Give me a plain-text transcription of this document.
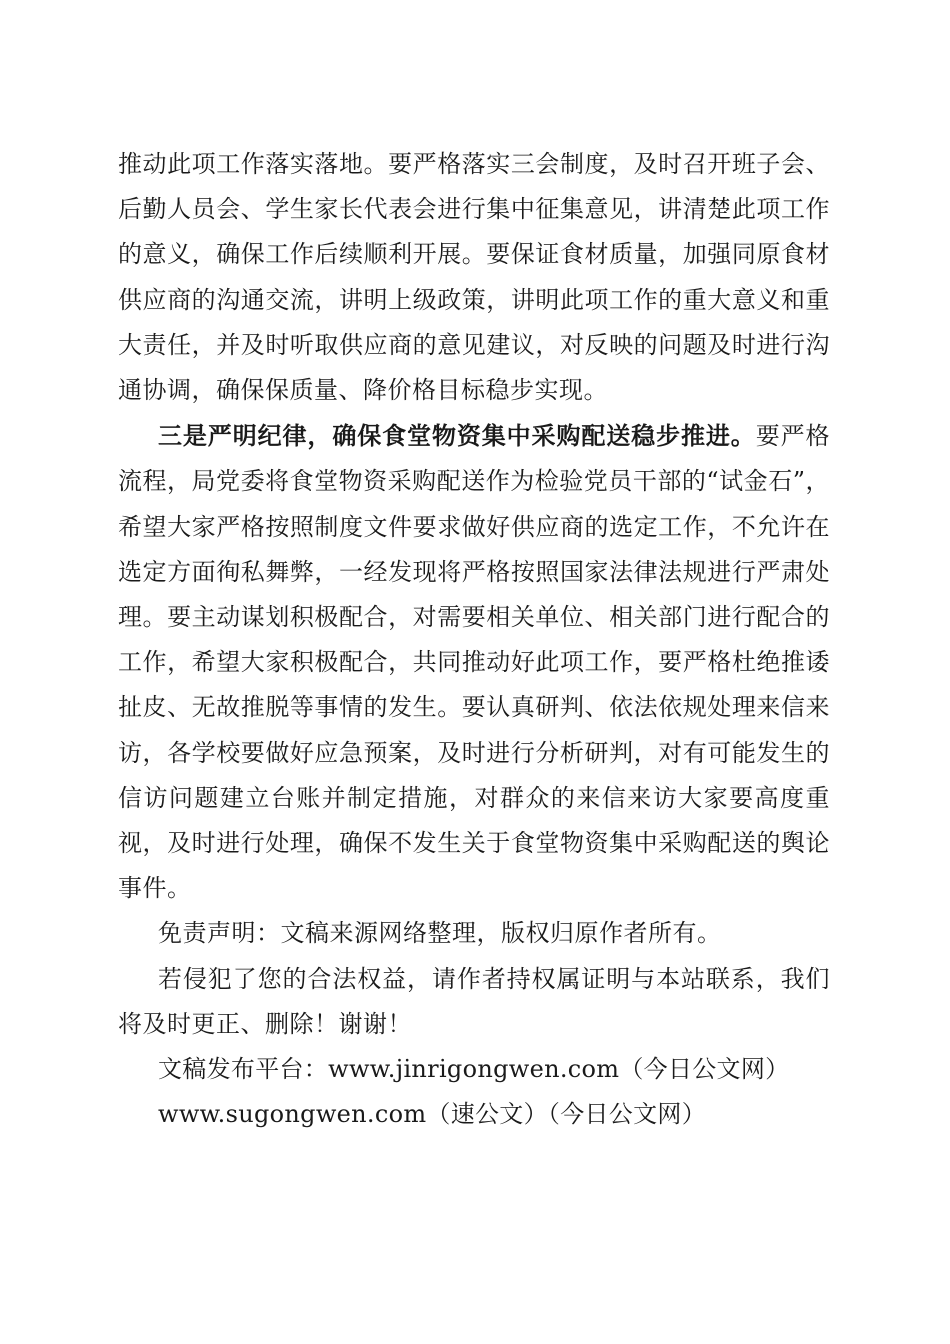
推动此项工作落实落地。要严格落实三会制度，及时召开班子会、后勤人员会、学生家长代表会进行集中征集意见，讲清楚此项工作的意义，确保工作后续顺利开展。要保证食材质量，加强同原食材供应商的沟通交流，讲明上级政策，讲明此项工作的重大意义和重大责任，并及时听取供应商的意见建议，对反映的问题及时进行沟通协调，确保保质量、降价格目标稳步实现。

三是严明纪律，确保食堂物资集中采购配送稳步推进。要严格流程，局党委将食堂物资采购配送作为检验党员干部的“试金石”，希望大家严格按照制度文件要求做好供应商的选定工作，不允许在选定方面徇私舞弊，一经发现将严格按照国家法律法规进行严肃处理。要主动谋划积极配合，对需要相关单位、相关部门进行配合的工作，希望大家积极配合，共同推动好此项工作，要严格杜绝推诿扯皮、无故推脱等事情的发生。要认真研判、依法依规处理来信来访，各学校要做好应急预案，及时进行分析研判，对有可能发生的信访问题建立台账并制定措施，对群众的来信来访大家要高度重视，及时进行处理，确保不发生关于食堂物资集中采购配送的舆论事件。

免责声明：文稿来源网络整理，版权归原作者所有。

若侵犯了您的合法权益，请作者持权属证明与本站联系，我们将及时更正、删除！谢谢！

文稿发布平台：www.jinrigongwen.com（今日公文网）

www.sugongwen.com（速公文）（今日公文网）
